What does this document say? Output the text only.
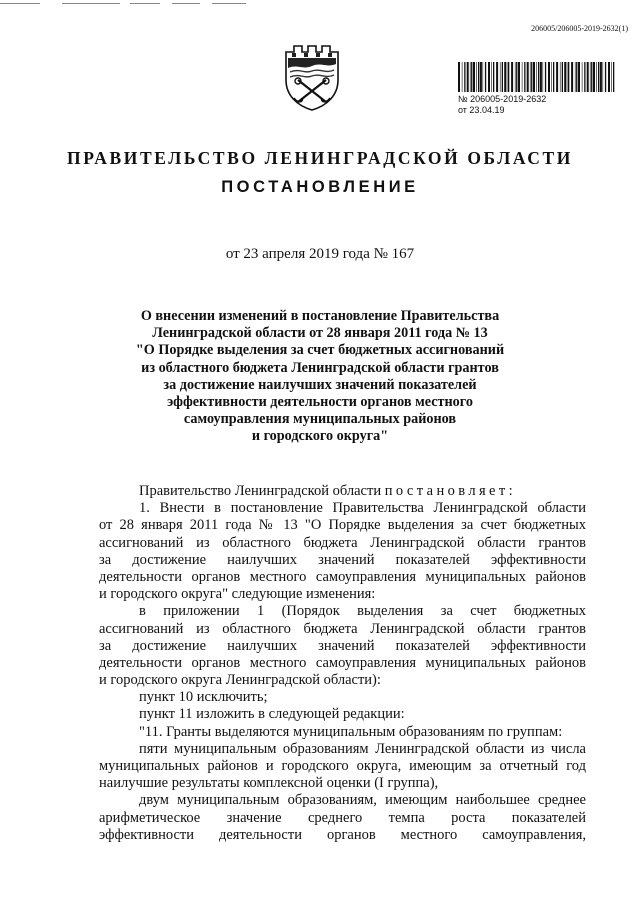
206005/206005-2019-2632(1)
№ 206005-2019-2632
от 23.04.19
ПРАВИТЕЛЬСТВО ЛЕНИНГРАДСКОЙ ОБЛАСТИ
ПОСТАНОВЛЕНИЕ
от 23 апреля 2019 года № 167
О внесении изменений в постановление Правительства
Ленинградской области от 28 января 2011 года № 13
"О Порядке выделения за счет бюджетных ассигнований
из областного бюджета Ленинградской области грантов
за достижение наилучших значений показателей
эффективности деятельности органов местного
самоуправления муниципальных районов
и городского округа"
Правительство Ленинградской области постановляет:
1. Внести в постановление Правительства Ленинградской области
от 28 января 2011 года № 13 "О Порядке выделения за счет бюджетных
ассигнований из областного бюджета Ленинградской области грантов
за достижение наилучших значений показателей эффективности
деятельности органов местного самоуправления муниципальных районов
и городского округа" следующие изменения:
в приложении 1 (Порядок выделения за счет бюджетных
ассигнований из областного бюджета Ленинградской области грантов
за достижение наилучших значений показателей эффективности
деятельности органов местного самоуправления муниципальных районов
и городского округа Ленинградской области):
пункт 10 исключить;
пункт 11 изложить в следующей редакции:
"11. Гранты выделяются муниципальным образованиям по группам:
пяти муниципальным образованиям Ленинградской области из числа
муниципальных районов и городского округа, имеющим за отчетный год
наилучшие результаты комплексной оценки (I группа),
двум муниципальным образованиям, имеющим наибольшее среднее
арифметическое значение среднего темпа роста показателей
эффективности деятельности органов местного самоуправления,
